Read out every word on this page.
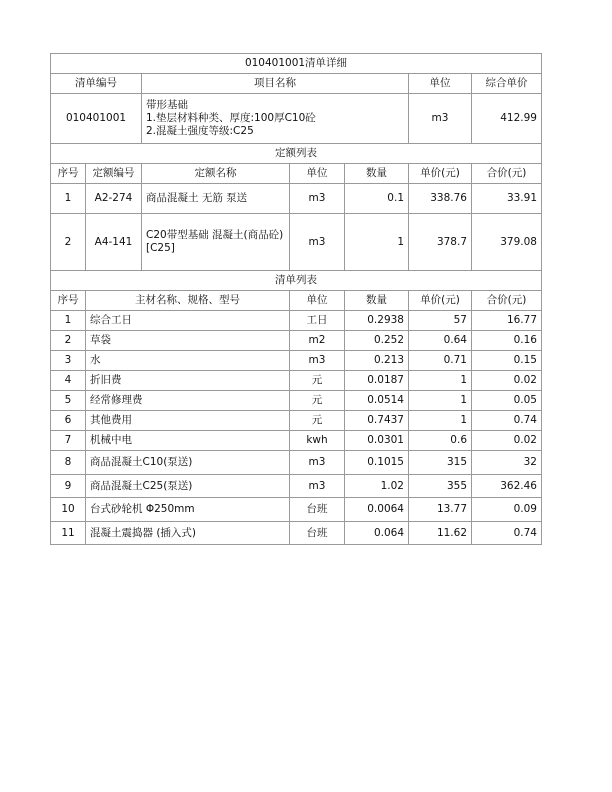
010401001清单详细						
清单编号		项目名称			单位	综合单价
010401001		带形基础
1.垫层材料种类、厚度:100厚C10砼
2.混凝土强度等级:C25			m3	412.99
定额列表						
序号	定额编号	定额名称	单位	数量	单价(元)	合价(元)
1	A2-274	商品混凝土 无筋 泵送	m3	0.1	338.76	33.91
2	A4-141	C20带型基础 混凝土(商品砼)[C25]	m3	1	378.7	379.08
清单列表						
序号	主材名称、规格、型号		单位	数量	单价(元)	合价(元)
1	综合工日		工日	0.2938	57	16.77
2	草袋		m2	0.252	0.64	0.16
3	水		m3	0.213	0.71	0.15
4	折旧费		元	0.0187	1	0.02
5	经常修理费		元	0.0514	1	0.05
6	其他费用		元	0.7437	1	0.74
7	机械中电		kwh	0.0301	0.6	0.02
8	商品混凝土C10(泵送)		m3	0.1015	315	32
9	商品混凝土C25(泵送)		m3	1.02	355	362.46
10	台式砂轮机 Φ250mm		台班	0.0064	13.77	0.09
11	混凝土震捣器 (插入式)		台班	0.064	11.62	0.74
